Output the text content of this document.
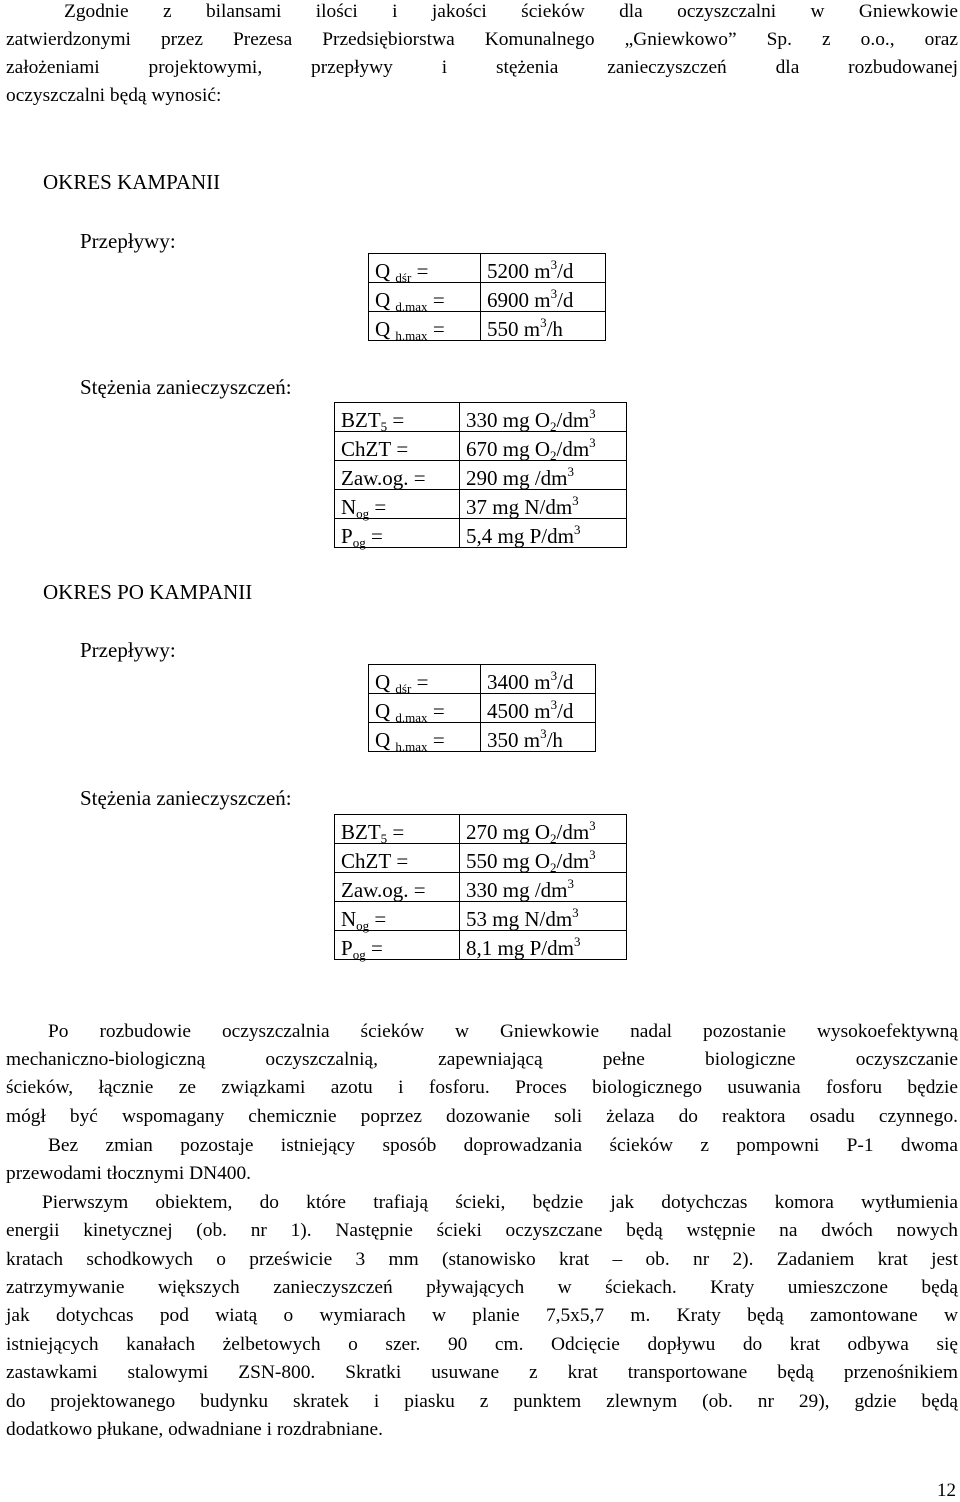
Zgodnie z bilansami ilości i jakości ścieków dla oczyszczalni w Gniewkowie

zatwierdzonymi przez Prezesa Przedsiębiorstwa Komunalnego „Gniewkowo” Sp. z o.o., oraz

założeniami projektowymi, przepływy i stężenia zanieczyszczeń dla rozbudowanej

oczyszczalni będą wynosić:

OKRES KAMPANII
Przepływy:
Q $_{dśr}$ =	5200 $m^3/d$
Q $_{d.max}$ =	6900 $m^3/d$
Q $_{h.max}$ =	550 $m^3/h$
Stężenia zanieczyszczeń:
$BZT_5$ =	330 mg $O_2/dm^3$
ChZT =	670 mg $O_2/dm^3$
Zaw.og. =	290 mg $/dm^3$
$N_{og}$ =	37 mg $N/dm^3$
$P_{og}$ =	5,4 mg $P/dm^3$
OKRES PO KAMPANII
Przepływy:
Q $_{dśr}$ =	3400 $m^3/d$
Q $_{d.max}$ =	4500 $m^3/d$
Q $_{h.max}$ =	350 $m^3/h$
Stężenia zanieczyszczeń:
$BZT_5$ =	270 mg $O_2/dm^3$
ChZT =	550 mg $O_2/dm^3$
Zaw.og. =	330 mg $/dm^3$
$N_{og}$ =	53 mg $N/dm^3$
$P_{og}$ =	8,1 mg $P/dm^3$

Po rozbudowie oczyszczalnia ścieków w Gniewkowie nadal pozostanie wysokoefektywną

mechaniczno-biologiczną oczyszczalnią, zapewniającą pełne biologiczne oczyszczanie

ścieków, łącznie ze związkami azotu i fosforu. Proces biologicznego usuwania fosforu będzie

mógł być wspomagany chemicznie poprzez dozowanie soli żelaza do reaktora osadu czynnego.

Bez zmian pozostaje istniejący sposób doprowadzania ścieków z pompowni P-1 dwoma

przewodami tłocznymi DN400.

Pierwszym obiektem, do które trafiają ścieki, będzie jak dotychczas komora wytłumienia

energii kinetycznej (ob. nr 1). Następnie ścieki oczyszczane będą wstępnie na dwóch nowych

kratach schodkowych o prześwicie 3 mm (stanowisko krat – ob. nr 2). Zadaniem krat jest

zatrzymywanie większych zanieczyszczeń pływających w ściekach. Kraty umieszczone będą

jak dotychcas pod wiatą o wymiarach w planie 7,5x5,7 m. Kraty będą zamontowane w

istniejących kanałach żelbetowych o szer. 90 cm. Odcięcie dopływu do krat odbywa się

zastawkami stalowymi ZSN-800. Skratki usuwane z krat transportowane będą przenośnikiem

do projektowanego budynku skratek i piasku z punktem zlewnym (ob. nr 29), gdzie będą

dodatkowo płukane, odwadniane i rozdrabniane.

12
